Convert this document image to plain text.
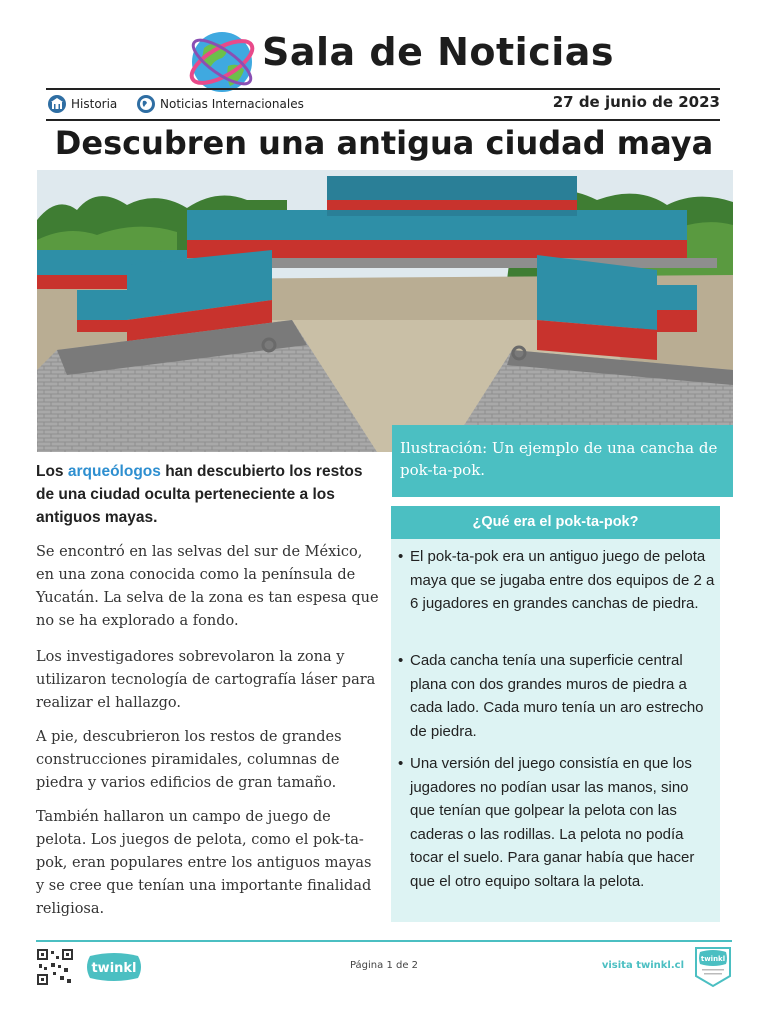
Sala de Noticias
Historia	Noticias Internacionales	27 de junio de 2023
Descubren una antigua ciudad maya
Ilustración: Un ejemplo de una cancha de pok-ta-pok.
Los arqueólogos han descubierto los restos de una ciudad oculta perteneciente a los antiguos mayas.
Se encontró en las selvas del sur de México, en una zona conocida como la península de Yucatán. La selva de la zona es tan espesa que no se ha explorado a fondo.
Los investigadores sobrevolaron la zona y utilizaron tecnología de cartografía láser para realizar el hallazgo.
A pie, descubrieron los restos de grandes construcciones piramidales, columnas de piedra y varios edificios de gran tamaño.
También hallaron un campo de juego de pelota. Los juegos de pelota, como el pok-ta-pok, eran populares entre los antiguos mayas y se cree que tenían una importante finalidad religiosa.
¿Qué era el pok-ta-pok?
• El pok-ta-pok era un antiguo juego de pelota maya que se jugaba entre dos equipos de 2 a 6 jugadores en grandes canchas de piedra.
• Cada cancha tenía una superficie central plana con dos grandes muros de piedra a cada lado. Cada muro tenía un aro estrecho de piedra.
• Una versión del juego consistía en que los jugadores no podían usar las manos, sino que tenían que golpear la pelota con las caderas o las rodillas. La pelota no podía tocar el suelo. Para ganar había que hacer que el otro equipo soltara la pelota.
twinkl	Página 1 de 2	visita twinkl.cl
twinkl
